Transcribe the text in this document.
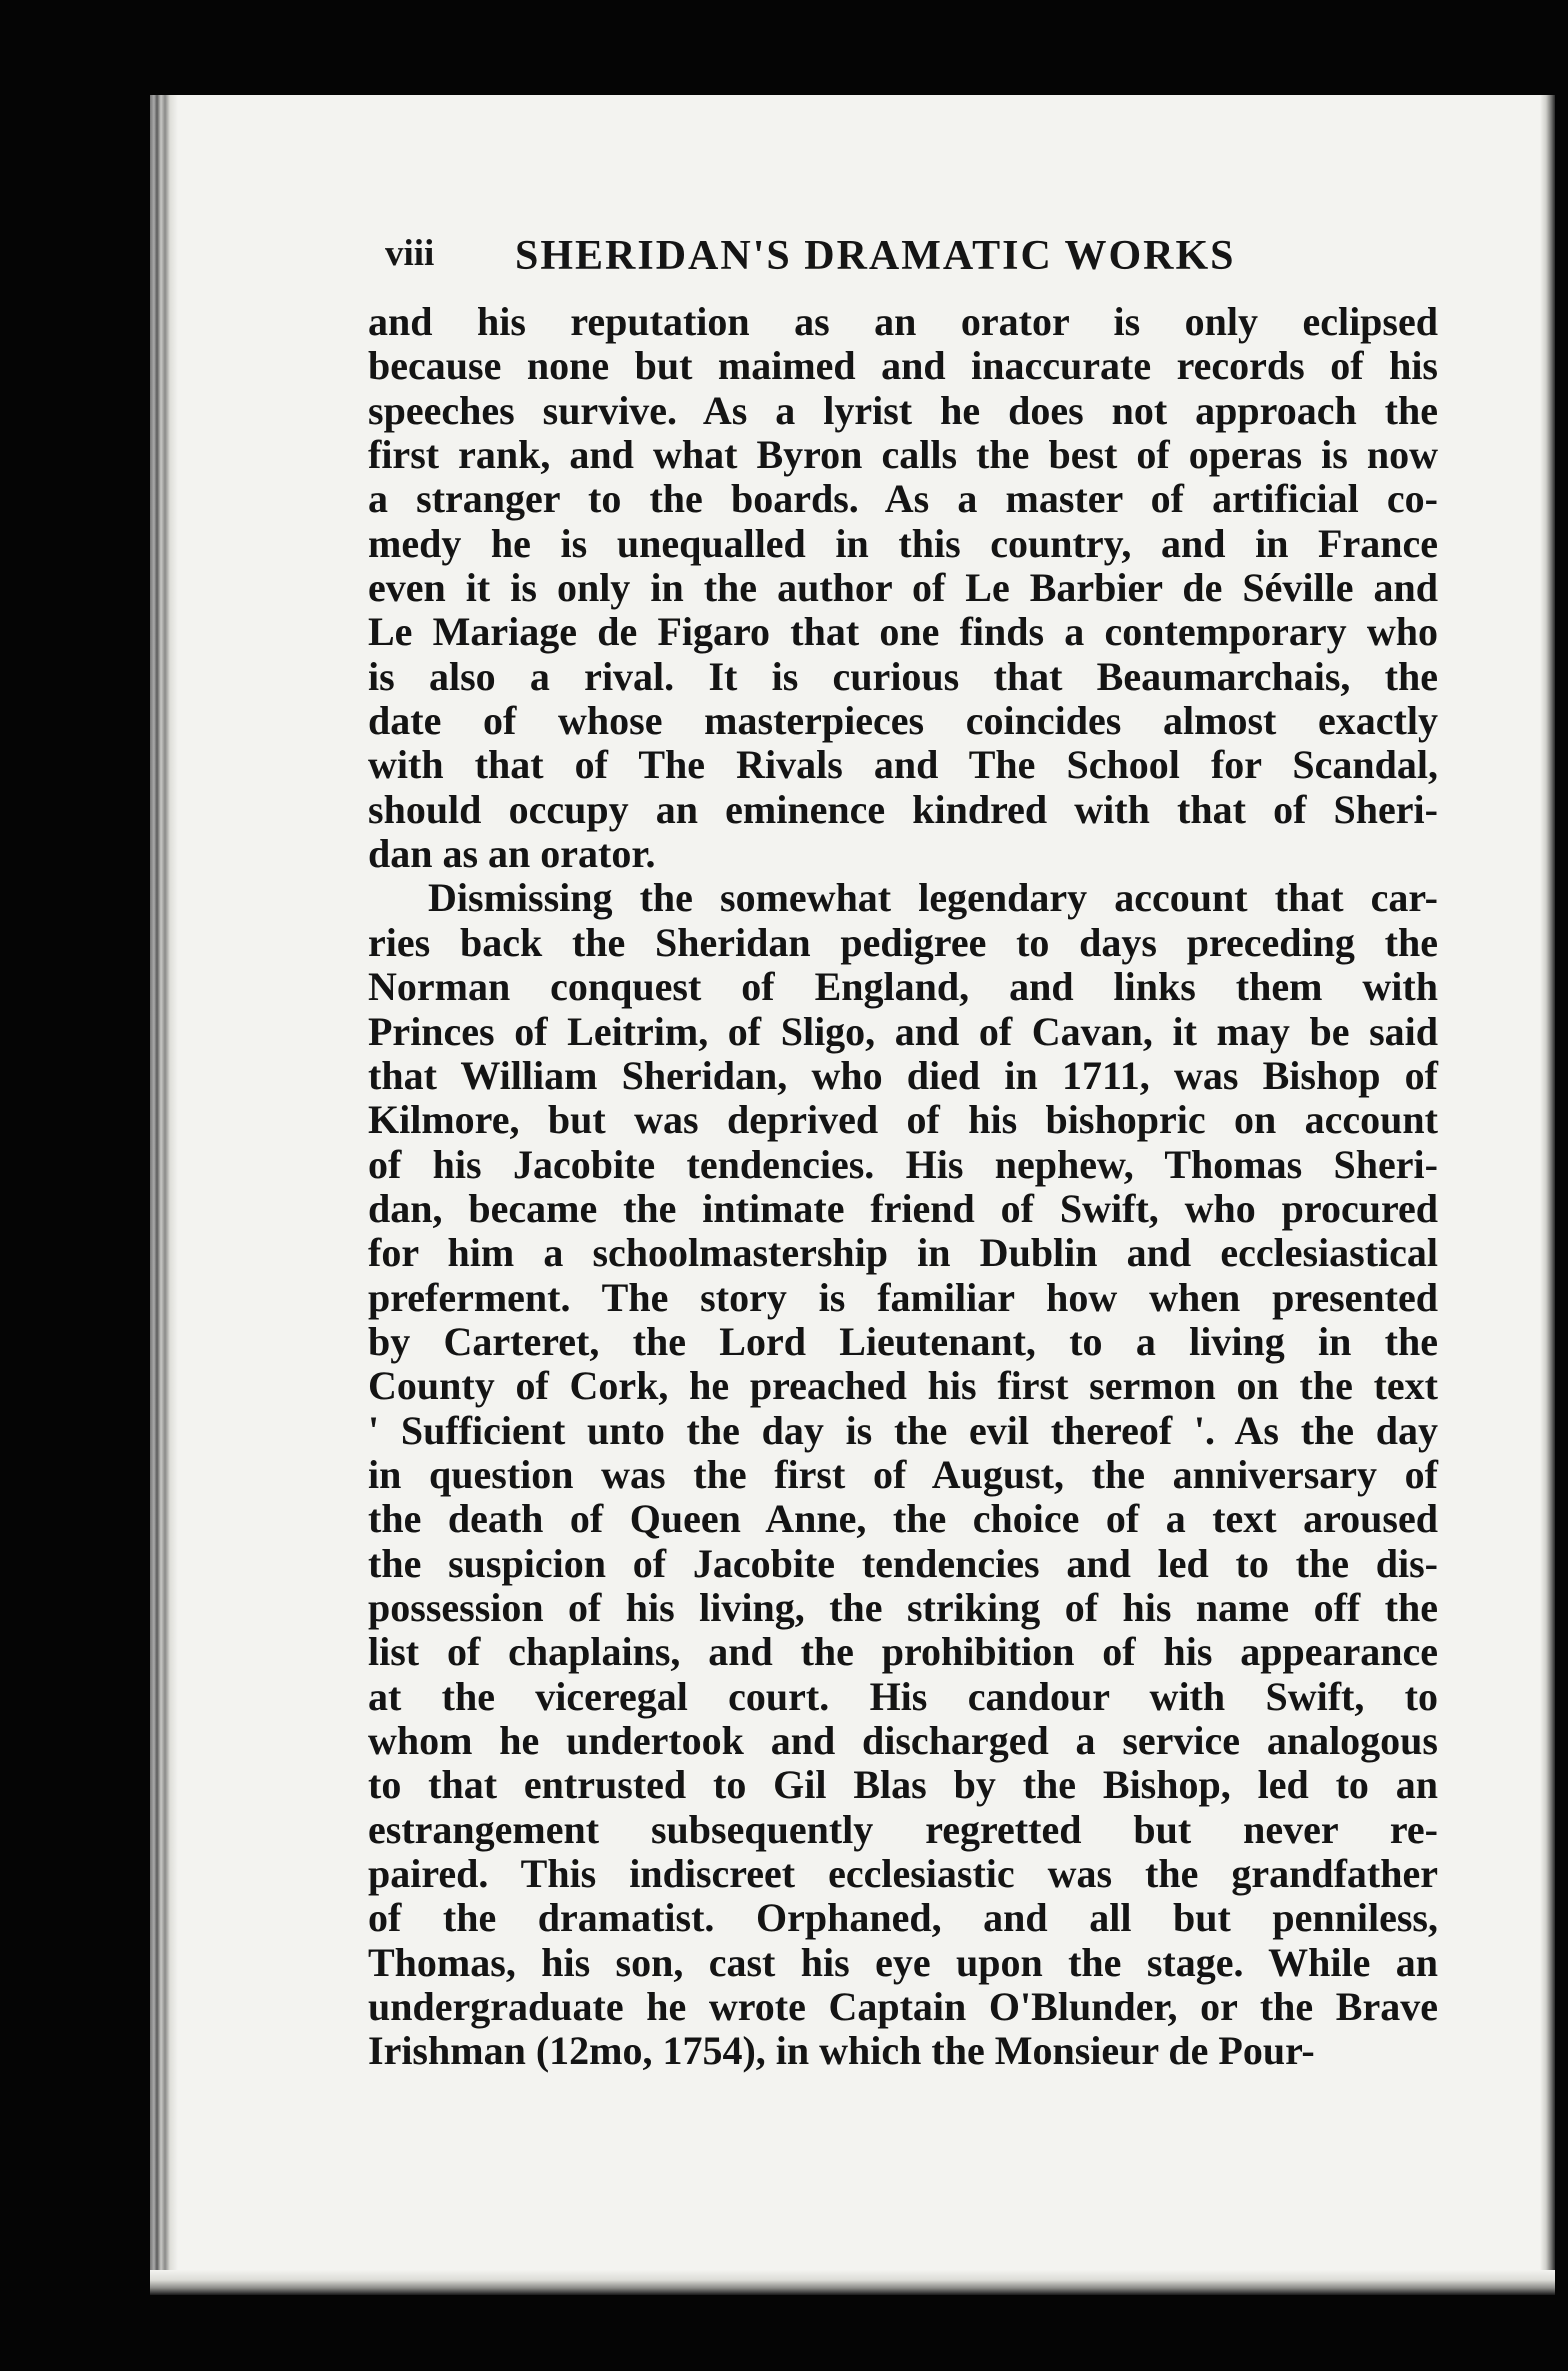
viii SHERIDAN'S DRAMATIC WORKS
and his reputation as an orator is only eclipsed
because none but maimed and inaccurate records of his
speeches survive. As a lyrist he does not approach the
first rank, and what Byron calls the best of operas is now
a stranger to the boards. As a master of artificial co-
medy he is unequalled in this country, and in France
even it is only in the author of Le Barbier de Séville and
Le Mariage de Figaro that one finds a contemporary who
is also a rival. It is curious that Beaumarchais, the
date of whose masterpieces coincides almost exactly
with that of The Rivals and The School for Scandal,
should occupy an eminence kindred with that of Sheri-
dan as an orator.
Dismissing the somewhat legendary account that car-
ries back the Sheridan pedigree to days preceding the
Norman conquest of England, and links them with
Princes of Leitrim, of Sligo, and of Cavan, it may be said
that William Sheridan, who died in 1711, was Bishop of
Kilmore, but was deprived of his bishopric on account
of his Jacobite tendencies. His nephew, Thomas Sheri-
dan, became the intimate friend of Swift, who procured
for him a schoolmastership in Dublin and ecclesiastical
preferment. The story is familiar how when presented
by Carteret, the Lord Lieutenant, to a living in the
County of Cork, he preached his first sermon on the text
' Sufficient unto the day is the evil thereof '. As the day
in question was the first of August, the anniversary of
the death of Queen Anne, the choice of a text aroused
the suspicion of Jacobite tendencies and led to the dis-
possession of his living, the striking of his name off the
list of chaplains, and the prohibition of his appearance
at the viceregal court. His candour with Swift, to
whom he undertook and discharged a service analogous
to that entrusted to Gil Blas by the Bishop, led to an
estrangement subsequently regretted but never re-
paired. This indiscreet ecclesiastic was the grandfather
of the dramatist. Orphaned, and all but penniless,
Thomas, his son, cast his eye upon the stage. While an
undergraduate he wrote Captain O'Blunder, or the Brave
Irishman (12mo, 1754), in which the Monsieur de Pour-
